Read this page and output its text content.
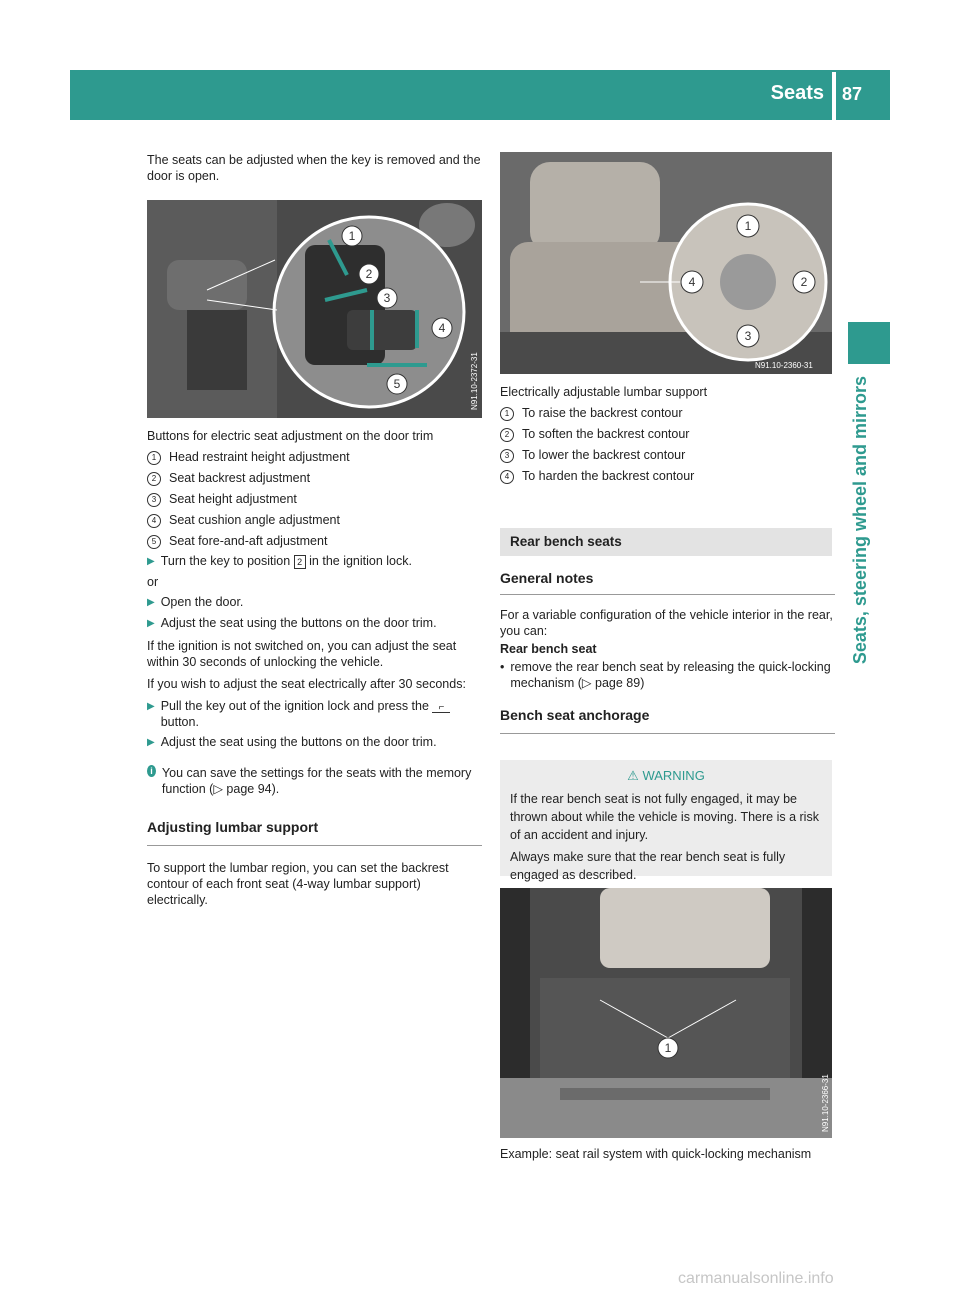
Seats 87
Seats, steering wheel and mirrors

The seats can be adjusted when the key is removed and the door is open.

1
2
3
4
5	N91.10-2372-31

Buttons for electric seat adjustment on the door trim

1	Head restraint height adjustment
2	Seat backrest adjustment
3	Seat height adjustment
4	Seat cushion angle adjustment
5	Seat fore-and-aft adjustment
▶ Turn the key to position 2 in the ignition lock.

or

▶ Open the door.
▶ Adjust the seat using the buttons on the door trim.

If the ignition is not switched on, you can adjust the seat within 30 seconds of unlocking the vehicle.

If you wish to adjust the seat electrically after 30 seconds:

▶ Pull the key out of the ignition lock and press the ⌐ button.
▶ Adjust the seat using the buttons on the door trim.
i You can save the settings for the seats with the memory function (▷ page 94).

Adjusting lumbar support

To support the lumbar region, you can set the backrest contour of each front seat (4-way lumbar support) electrically.

1
2
3
4
N91.10-2360-31

Electrically adjustable lumbar support

1	To raise the backrest contour
2	To soften the backrest contour
3	To lower the backrest contour
4	To harden the backrest contour
Rear bench seats

General notes

For a variable configuration of the vehicle interior in the rear, you can:

Rear bench seat

• remove the rear bench seat by releasing the quick-locking mechanism (▷ page 89)

Bench seat anchorage

⚠ WARNING

If the rear bench seat is not fully engaged, it may be thrown about while the vehicle is moving. There is a risk of an accident and injury.

Always make sure that the rear bench seat is fully engaged as described.

1
N91.10-2366-31

Example: seat rail system with quick-locking mechanism

carmanualsonline.info
